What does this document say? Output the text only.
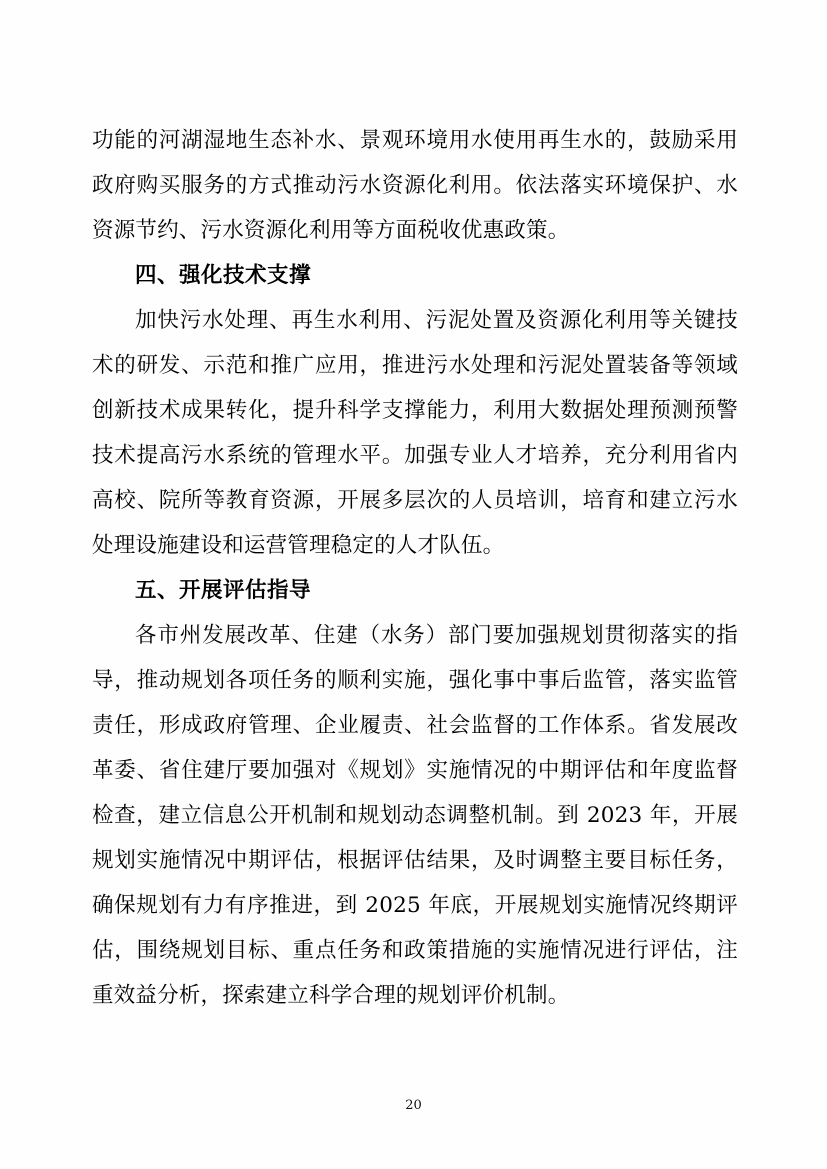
功能的河湖湿地生态补水、景观环境用水使用再生水的，鼓励采用政府购买服务的方式推动污水资源化利用。依法落实环境保护、水资源节约、污水资源化利用等方面税收优惠政策。

四、强化技术支撑

加快污水处理、再生水利用、污泥处置及资源化利用等关键技术的研发、示范和推广应用，推进污水处理和污泥处置装备等领域创新技术成果转化，提升科学支撑能力，利用大数据处理预测预警技术提高污水系统的管理水平。加强专业人才培养，充分利用省内高校、院所等教育资源，开展多层次的人员培训，培育和建立污水处理设施建设和运营管理稳定的人才队伍。

五、开展评估指导

各市州发展改革、住建（水务）部门要加强规划贯彻落实的指导，推动规划各项任务的顺利实施，强化事中事后监管，落实监管责任，形成政府管理、企业履责、社会监督的工作体系。省发展改革委、省住建厅要加强对《规划》实施情况的中期评估和年度监督检查，建立信息公开机制和规划动态调整机制。到 2023 年，开展规划实施情况中期评估，根据评估结果，及时调整主要目标任务，确保规划有力有序推进，到 2025 年底，开展规划实施情况终期评估，围绕规划目标、重点任务和政策措施的实施情况进行评估，注重效益分析，探索建立科学合理的规划评价机制。

20
